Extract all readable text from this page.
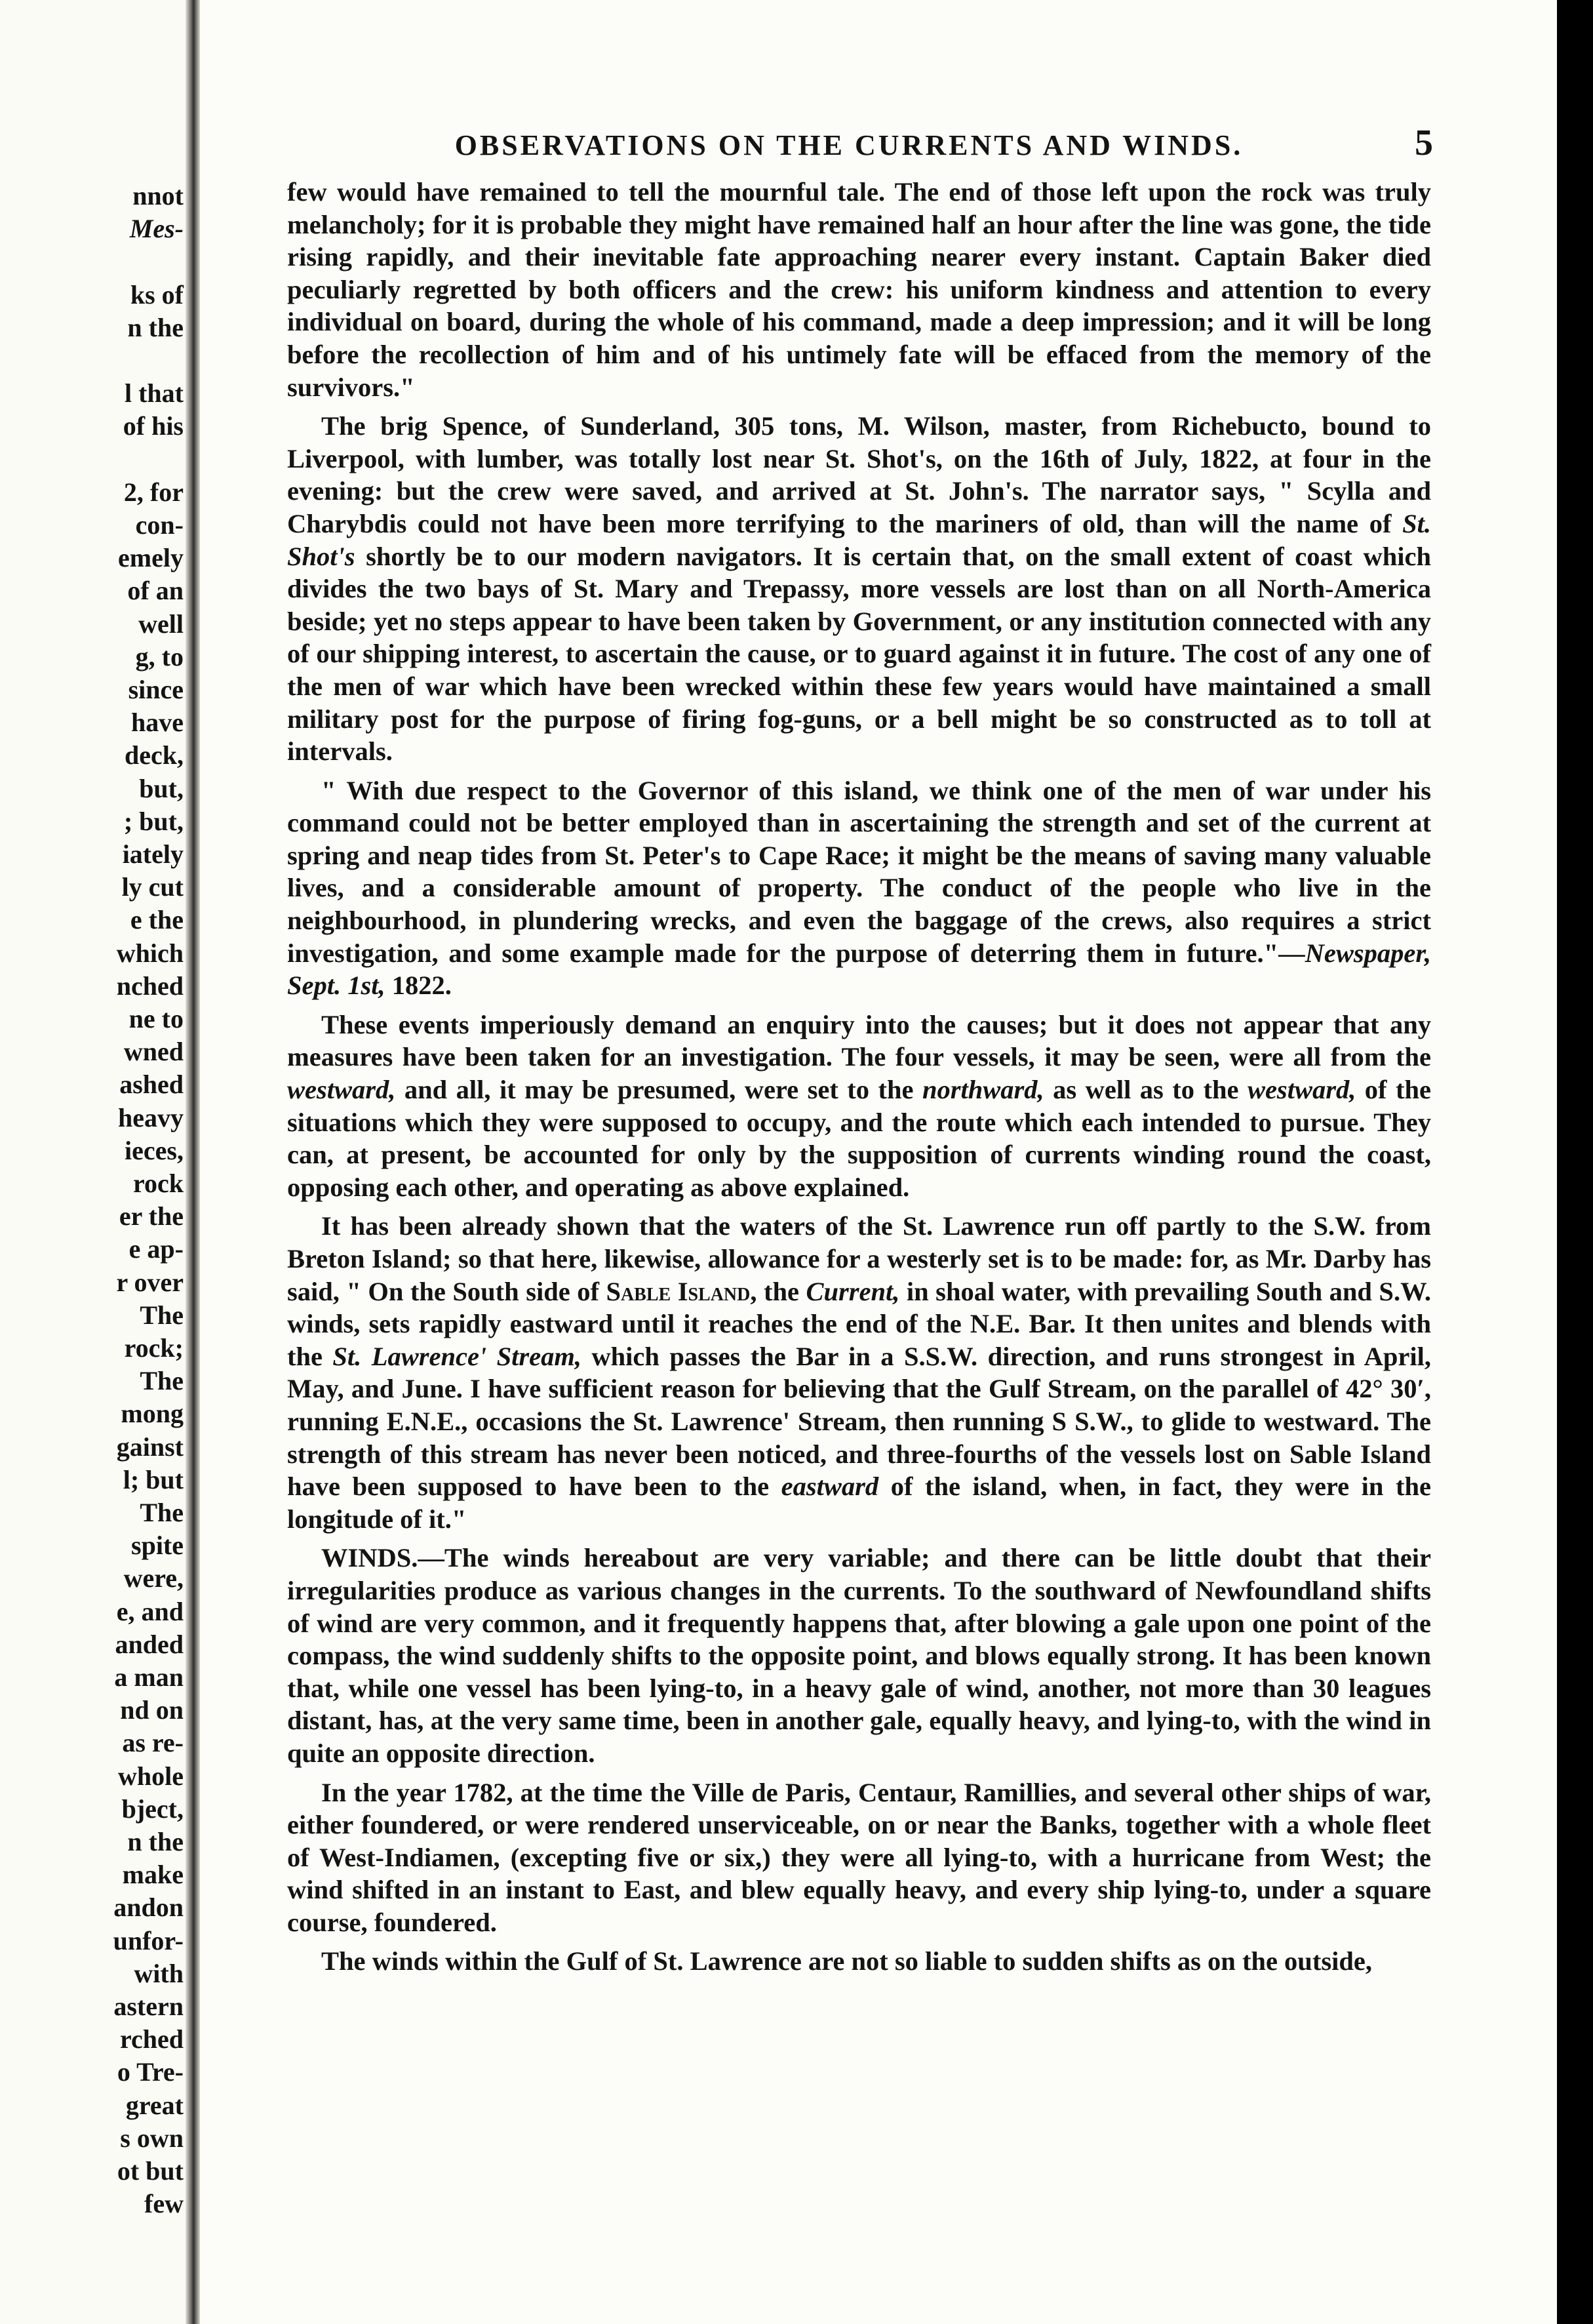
nnot
Mes-
ks of
n the
l that
of his
2, for
con-
emely
of an
well
g, to
since
have
deck,
but,
; but,
iately
ly cut
e the
which
nched
ne to
wned
ashed
heavy
ieces,
rock
er the
e ap-
r over
The
rock;
The
mong
gainst
l; but
The
spite
were,
e, and
anded
a man
nd on
as re-
whole
bject,
n the
make
andon
unfor-
with
astern
rched
o Tre-
great
s own
ot but
few
OBSERVATIONS ON THE CURRENTS AND WINDS.	5

few would have remained to tell the mournful tale. The end of those left upon the rock was truly melancholy; for it is probable they might have remained half an hour after the line was gone, the tide rising rapidly, and their inevitable fate approaching nearer every instant. Captain Baker died peculiarly regretted by both officers and the crew: his uniform kindness and attention to every individual on board, during the whole of his command, made a deep impression; and it will be long before the recollection of him and of his untimely fate will be effaced from the memory of the survivors."

The brig Spence, of Sunderland, 305 tons, M. Wilson, master, from Richebucto, bound to Liverpool, with lumber, was totally lost near St. Shot's, on the 16th of July, 1822, at four in the evening: but the crew were saved, and arrived at St. John's. The narrator says, " Scylla and Charybdis could not have been more terrifying to the mariners of old, than will the name of St. Shot's shortly be to our modern navigators. It is certain that, on the small extent of coast which divides the two bays of St. Mary and Trepassy, more vessels are lost than on all North-America beside; yet no steps appear to have been taken by Government, or any institution connected with any of our shipping interest, to ascertain the cause, or to guard against it in future. The cost of any one of the men of war which have been wrecked within these few years would have maintained a small military post for the purpose of firing fog-guns, or a bell might be so constructed as to toll at intervals.

" With due respect to the Governor of this island, we think one of the men of war under his command could not be better employed than in ascertaining the strength and set of the current at spring and neap tides from St. Peter's to Cape Race; it might be the means of saving many valuable lives, and a considerable amount of property. The conduct of the people who live in the neighbourhood, in plundering wrecks, and even the baggage of the crews, also requires a strict investigation, and some example made for the purpose of deterring them in future."—Newspaper, Sept. 1st, 1822.

These events imperiously demand an enquiry into the causes; but it does not appear that any measures have been taken for an investigation. The four vessels, it may be seen, were all from the westward, and all, it may be presumed, were set to the northward, as well as to the westward, of the situations which they were supposed to occupy, and the route which each intended to pursue. They can, at present, be accounted for only by the supposition of currents winding round the coast, opposing each other, and operating as above explained.

It has been already shown that the waters of the St. Lawrence run off partly to the S.W. from Breton Island; so that here, likewise, allowance for a westerly set is to be made: for, as Mr. Darby has said, " On the South side of Sable Island, the Current, in shoal water, with prevailing South and S.W. winds, sets rapidly eastward until it reaches the end of the N.E. Bar. It then unites and blends with the St. Lawrence' Stream, which passes the Bar in a S.S.W. direction, and runs strongest in April, May, and June. I have sufficient reason for believing that the Gulf Stream, on the parallel of 42° 30′, running E.N.E., occasions the St. Lawrence' Stream, then running S S.W., to glide to westward. The strength of this stream has never been noticed, and three-fourths of the vessels lost on Sable Island have been supposed to have been to the eastward of the island, when, in fact, they were in the longitude of it."

WINDS.—The winds hereabout are very variable; and there can be little doubt that their irregularities produce as various changes in the currents. To the southward of Newfoundland shifts of wind are very common, and it frequently happens that, after blowing a gale upon one point of the compass, the wind suddenly shifts to the opposite point, and blows equally strong. It has been known that, while one vessel has been lying-to, in a heavy gale of wind, another, not more than 30 leagues distant, has, at the very same time, been in another gale, equally heavy, and lying-to, with the wind in quite an opposite direction.

In the year 1782, at the time the Ville de Paris, Centaur, Ramillies, and several other ships of war, either foundered, or were rendered unserviceable, on or near the Banks, together with a whole fleet of West-Indiamen, (excepting five or six,) they were all lying-to, with a hurricane from West; the wind shifted in an instant to East, and blew equally heavy, and every ship lying-to, under a square course, foundered.

The winds within the Gulf of St. Lawrence are not so liable to sudden shifts as on the outside,
